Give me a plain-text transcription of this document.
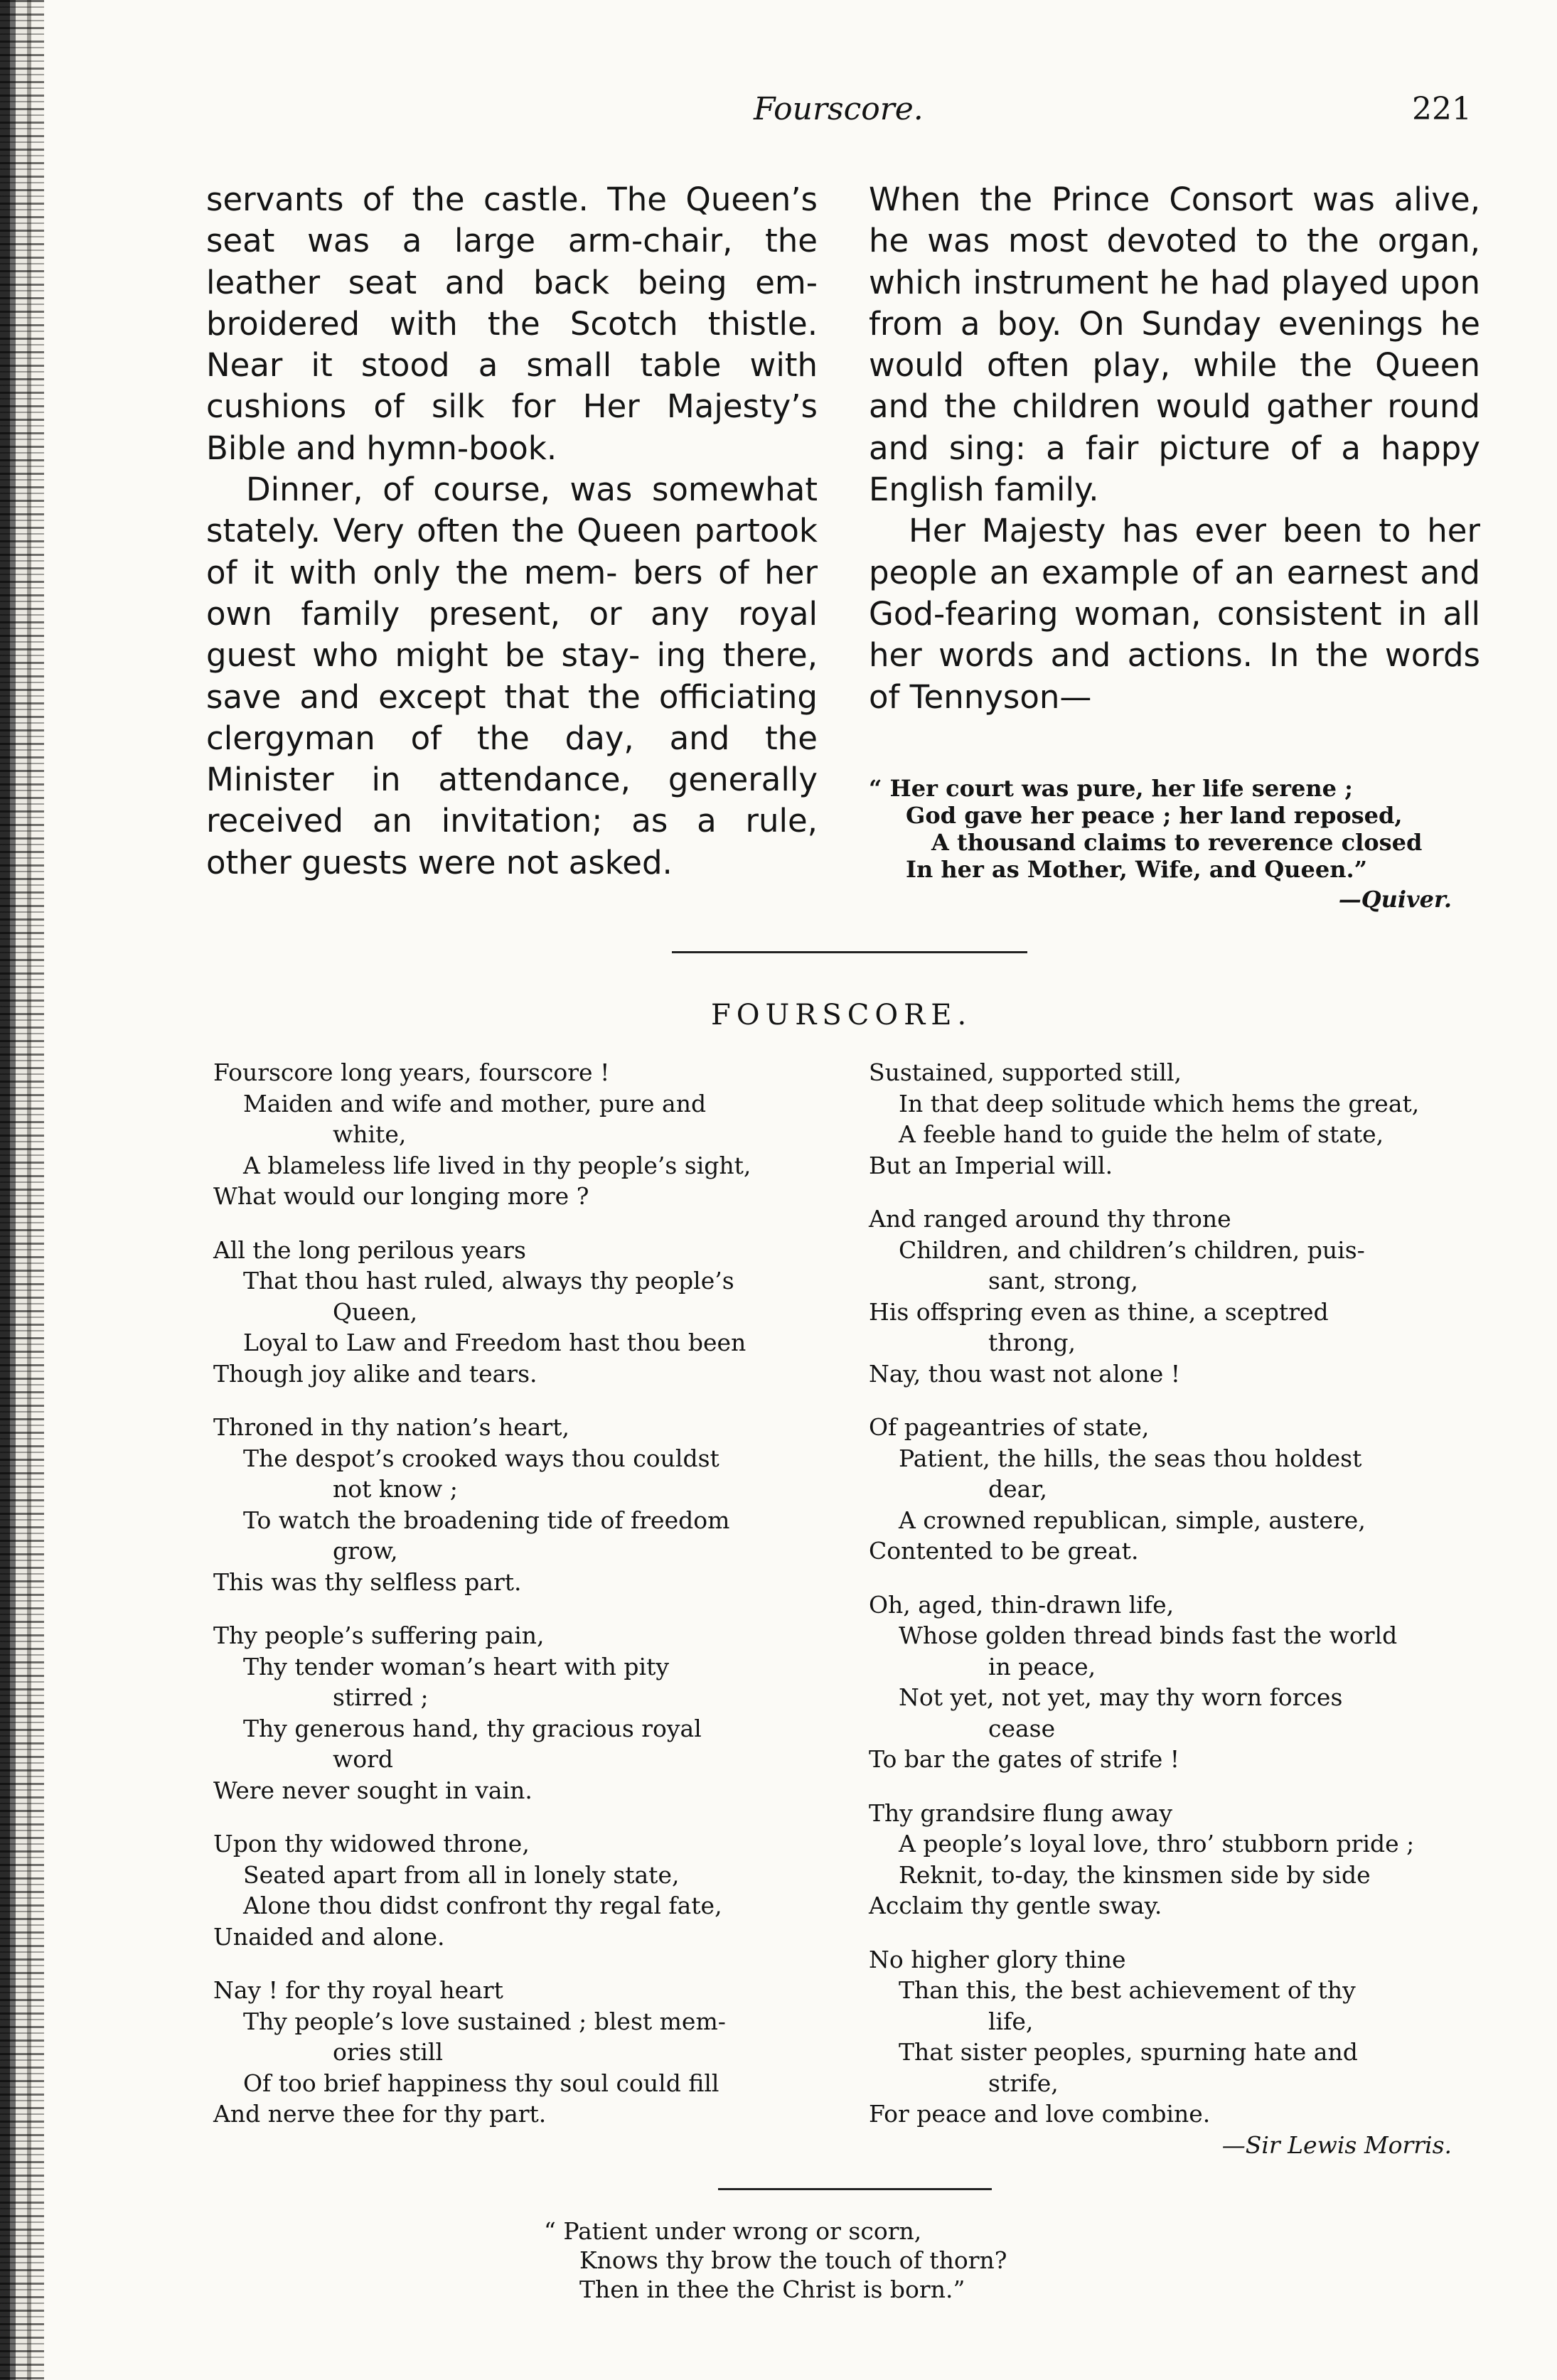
Fourscore.	221

servants of the castle. The Queen’s seat was a large arm-chair, the leather seat and back being em- broidered with the Scotch thistle. Near it stood a small table with cushions of silk for Her Majesty’s Bible and hymn-book.

Dinner, of course, was somewhat stately. Very often the Queen partook of it with only the mem- bers of her own family present, or any royal guest who might be stay- ing there, save and except that the officiating clergyman of the day, and the Minister in attendance, generally received an invitation; as a rule, other guests were not asked.

When the Prince Consort was alive, he was most devoted to the organ, which instrument he had played upon from a boy. On Sunday evenings he would often play, while the Queen and the children would gather round and sing: a fair picture of a happy English family.

Her Majesty has ever been to her people an example of an earnest and God-fearing woman, consistent in all her words and actions. In the words of Tennyson—

“ Her court was pure, her life serene ;
God gave her peace ; her land reposed,
A thousand claims to reverence closed
In her as Mother, Wife, and Queen.”
—Quiver.
FOURSCORE.
Fourscore long years, fourscore !
Maiden and wife and mother, pure and
white,
A blameless life lived in thy people’s sight,
What would our longing more ?
All the long perilous years
That thou hast ruled, always thy people’s
Queen,
Loyal to Law and Freedom hast thou been
Though joy alike and tears.
Throned in thy nation’s heart,
The despot’s crooked ways thou couldst
not know ;
To watch the broadening tide of freedom
grow,
This was thy selfless part.
Thy people’s suffering pain,
Thy tender woman’s heart with pity
stirred ;
Thy generous hand, thy gracious royal
word
Were never sought in vain.
Upon thy widowed throne,
Seated apart from all in lonely state,
Alone thou didst confront thy regal fate,
Unaided and alone.
Nay ! for thy royal heart
Thy people’s love sustained ; blest mem-
ories still
Of too brief happiness thy soul could fill
And nerve thee for thy part.
Sustained, supported still,
In that deep solitude which hems the great,
A feeble hand to guide the helm of state,
But an Imperial will.
And ranged around thy throne
Children, and children’s children, puis-
sant, strong,
His offspring even as thine, a sceptred
throng,
Nay, thou wast not alone !
Of pageantries of state,
Patient, the hills, the seas thou holdest
dear,
A crowned republican, simple, austere,
Contented to be great.
Oh, aged, thin-drawn life,
Whose golden thread binds fast the world
in peace,
Not yet, not yet, may thy worn forces
cease
To bar the gates of strife !
Thy grandsire flung away
A people’s loyal love, thro’ stubborn pride ;
Reknit, to-day, the kinsmen side by side
Acclaim thy gentle sway.
No higher glory thine
Than this, the best achievement of thy
life,
That sister peoples, spurning hate and
strife,
For peace and love combine.
—Sir Lewis Morris.
“ Patient under wrong or scorn,
Knows thy brow the touch of thorn?
Then in thee the Christ is born.”
